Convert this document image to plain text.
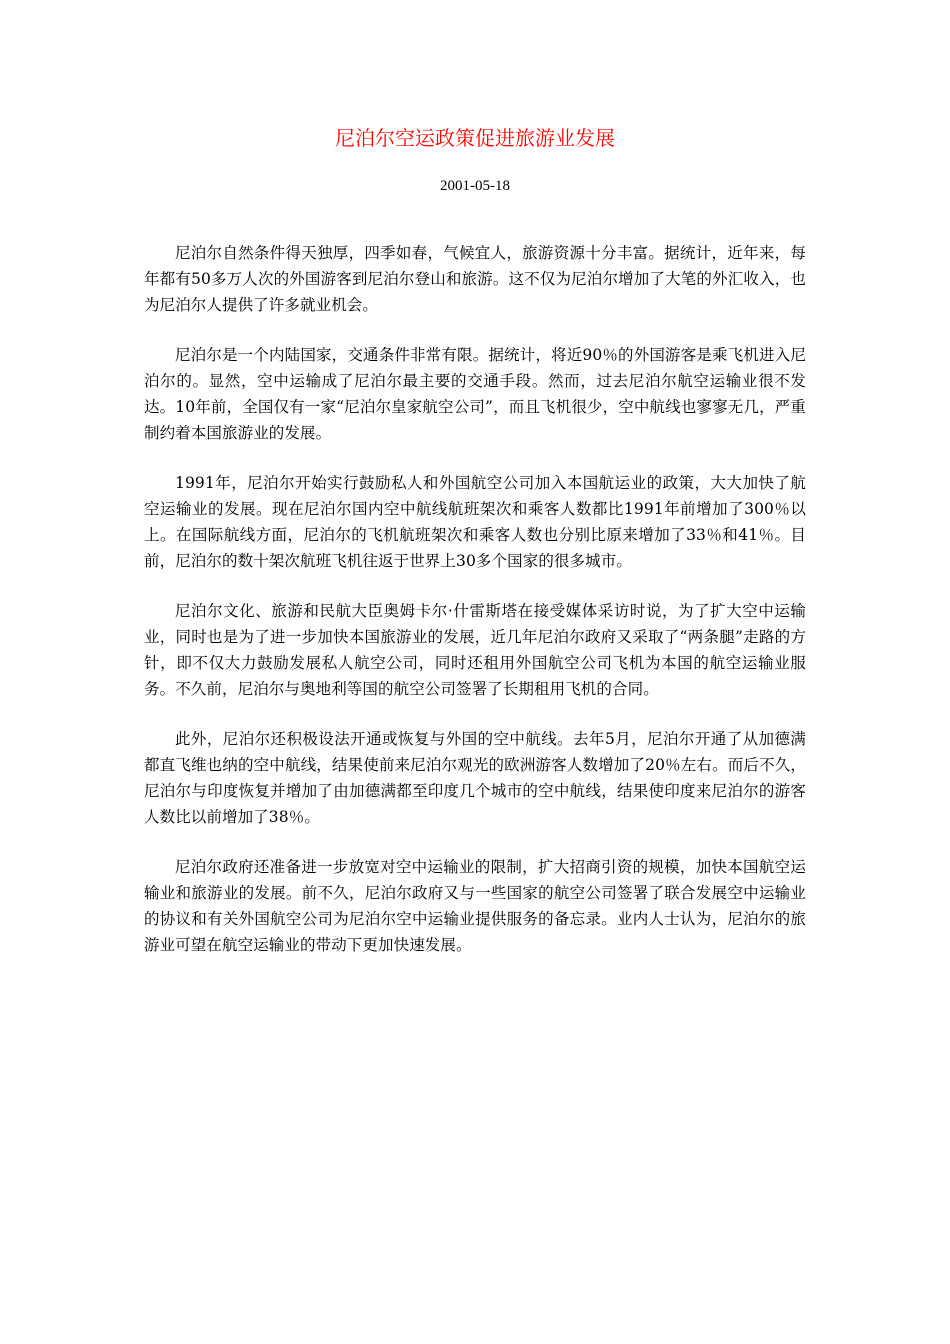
尼泊尔空运政策促进旅游业发展
2001-05-18

尼泊尔自然条件得天独厚，四季如春，气候宜人，旅游资源十分丰富。据统计，近年来，每年都有50多万人次的外国游客到尼泊尔登山和旅游。这不仅为尼泊尔增加了大笔的外汇收入，也为尼泊尔人提供了许多就业机会。

尼泊尔是一个内陆国家，交通条件非常有限。据统计，将近90％的外国游客是乘飞机进入尼泊尔的。显然，空中运输成了尼泊尔最主要的交通手段。然而，过去尼泊尔航空运输业很不发达。10年前，全国仅有一家“尼泊尔皇家航空公司”，而且飞机很少，空中航线也寥寥无几，严重制约着本国旅游业的发展。

1991年，尼泊尔开始实行鼓励私人和外国航空公司加入本国航运业的政策，大大加快了航空运输业的发展。现在尼泊尔国内空中航线航班架次和乘客人数都比1991年前增加了300％以上。在国际航线方面，尼泊尔的飞机航班架次和乘客人数也分别比原来增加了33％和41％。目前，尼泊尔的数十架次航班飞机往返于世界上30多个国家的很多城市。

尼泊尔文化、旅游和民航大臣奥姆卡尔·什雷斯塔在接受媒体采访时说，为了扩大空中运输业，同时也是为了进一步加快本国旅游业的发展，近几年尼泊尔政府又采取了“两条腿”走路的方针，即不仅大力鼓励发展私人航空公司，同时还租用外国航空公司飞机为本国的航空运输业服务。不久前，尼泊尔与奥地利等国的航空公司签署了长期租用飞机的合同。

此外，尼泊尔还积极设法开通或恢复与外国的空中航线。去年5月，尼泊尔开通了从加德满都直飞维也纳的空中航线，结果使前来尼泊尔观光的欧洲游客人数增加了20％左右。而后不久，尼泊尔与印度恢复并增加了由加德满都至印度几个城市的空中航线，结果使印度来尼泊尔的游客人数比以前增加了38％。

尼泊尔政府还准备进一步放宽对空中运输业的限制，扩大招商引资的规模，加快本国航空运输业和旅游业的发展。前不久，尼泊尔政府又与一些国家的航空公司签署了联合发展空中运输业的协议和有关外国航空公司为尼泊尔空中运输业提供服务的备忘录。业内人士认为，尼泊尔的旅游业可望在航空运输业的带动下更加快速发展。
